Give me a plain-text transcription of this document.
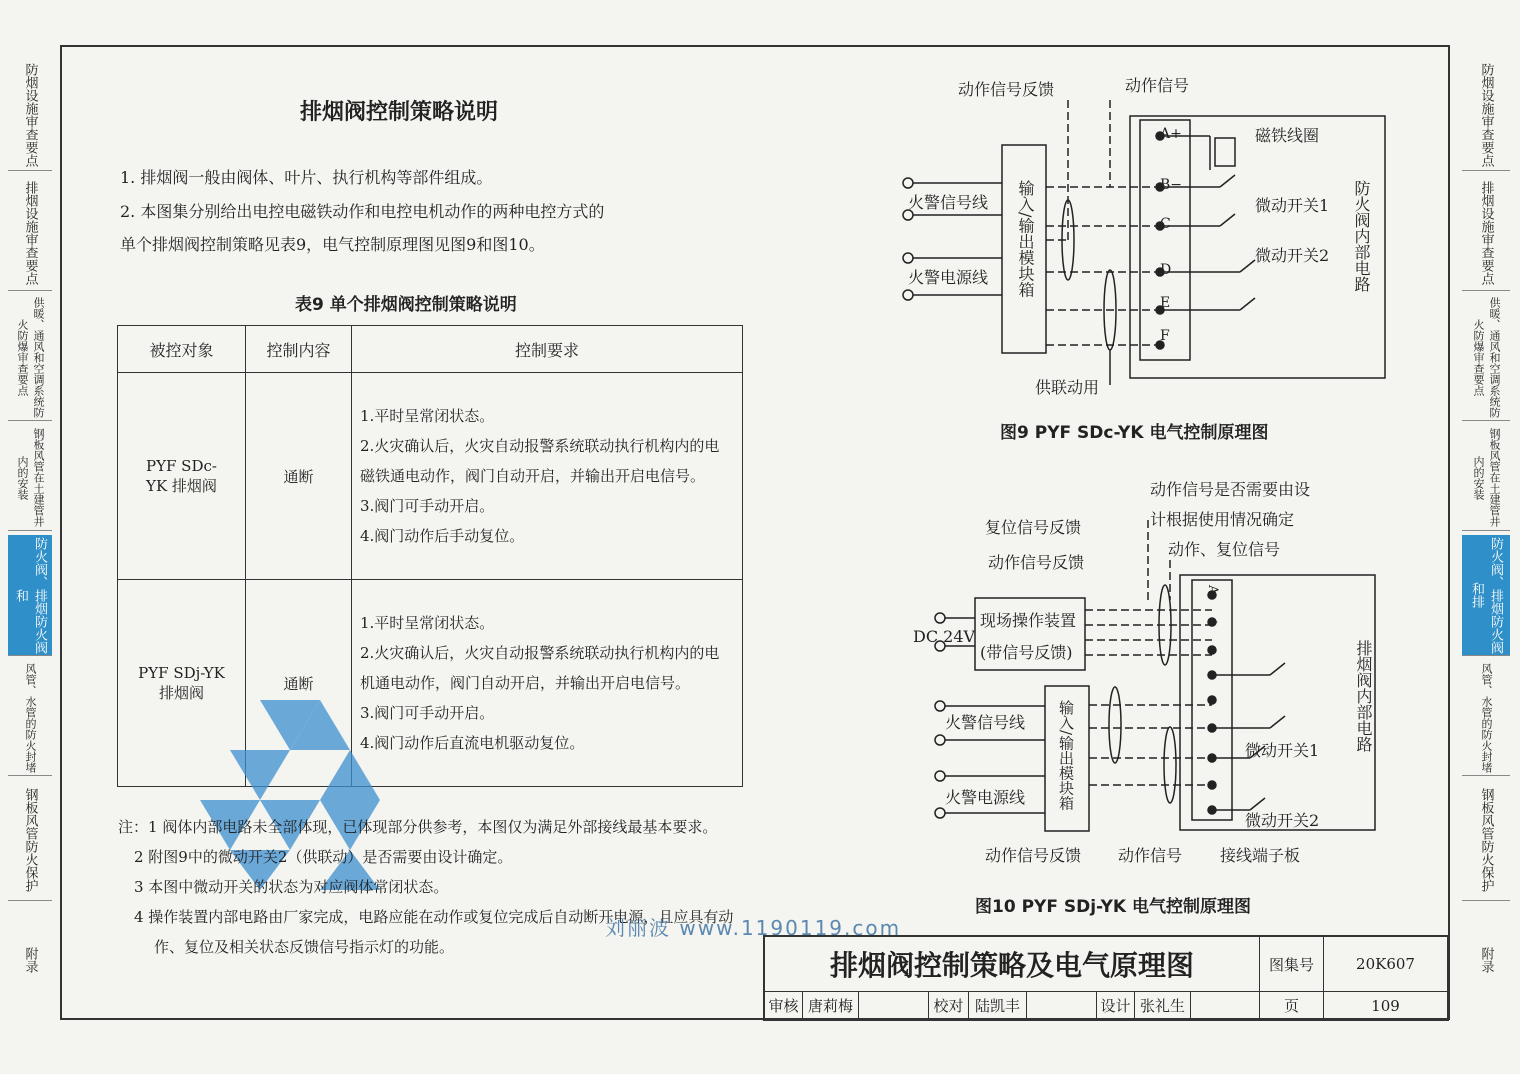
防烟设施审查要点
排烟设施审查要点
供暖、通风和空调系统防火防爆审查要点
钢板风管在土建管井内的安装
防火阀、排烟防火阀和
风管、水管的防火封堵
钢板风管防火保护
附录
防烟设施审查要点
排烟设施审查要点
供暖、通风和空调系统防火防爆审查要点
钢板风管在土建管井内的安装
防火阀、排烟防火阀和排
风管、水管的防火封堵
钢板风管防火保护
附录
排烟阀控制策略说明
1. 排烟阀一般由阀体、叶片、执行机构等部件组成。
2. 本图集分别给出电控电磁铁动作和电控电机动作的两种电控方式的
单个排烟阀控制策略见表9，电气控制原理图见图9和图10。
表9 单个排烟阀控制策略说明
被控对象	控制内容	控制要求

PYF SDc-YK 排烟阀	通断	1.平时呈常闭状态。
2.火灾确认后，火灾自动报警系统联动执行机构内的电磁铁通电动作，阀门自动开启，并输出开启电信号。
3.阀门可手动开启。
4.阀门动作后手动复位。

PYF SDj-YK 排烟阀	通断	1.平时呈常闭状态。
2.火灾确认后，火灾自动报警系统联动执行机构内的电机通电动作，阀门自动开启，并输出开启电信号。
3.阀门可手动开启。
4.阀门动作后直流电机驱动复位。
注：1 阀体内部电路未全部体现，已体现部分供参考，本图仅为满足外部接线最基本要求。
2 附图9中的微动开关2（供联动）是否需要由设计确定。
3 本图中微动开关的状态为对应阀体常闭状态。
4 操作装置内部电路由厂家完成，电路应能在动作或复位完成后自动断开电源，且应具有动作、复位及相关状态反馈信号指示灯的功能。
动作信号反馈	动作信号
磁铁线圈
火警信号线
火警电源线 输入/输出模块箱	微动开关1
微动开关2 防火阀内部电路
供联动用
A+
B−
C
D
E
F
图9 PYF SDc-YK 电气控制原理图
动作信号是否需要由设
计根据使用情况确定
动作、复位信号
复位信号反馈
动作信号反馈
DC 24V
现场操作装置
(带信号反馈)
火警信号线
火警电源线 输入/输出模块箱	微动开关1
微动开关2
排烟阀内部电路
动作信号反馈 动作信号 接线端子板
A +
图10 PYF SDj-YK 电气控制原理图
刘丽波 www.1190119.com
排烟阀控制策略及电气原理图	图集号	20K607
审核 唐莉梅	校对 陆凯丰	设计 张礼生	页	109
